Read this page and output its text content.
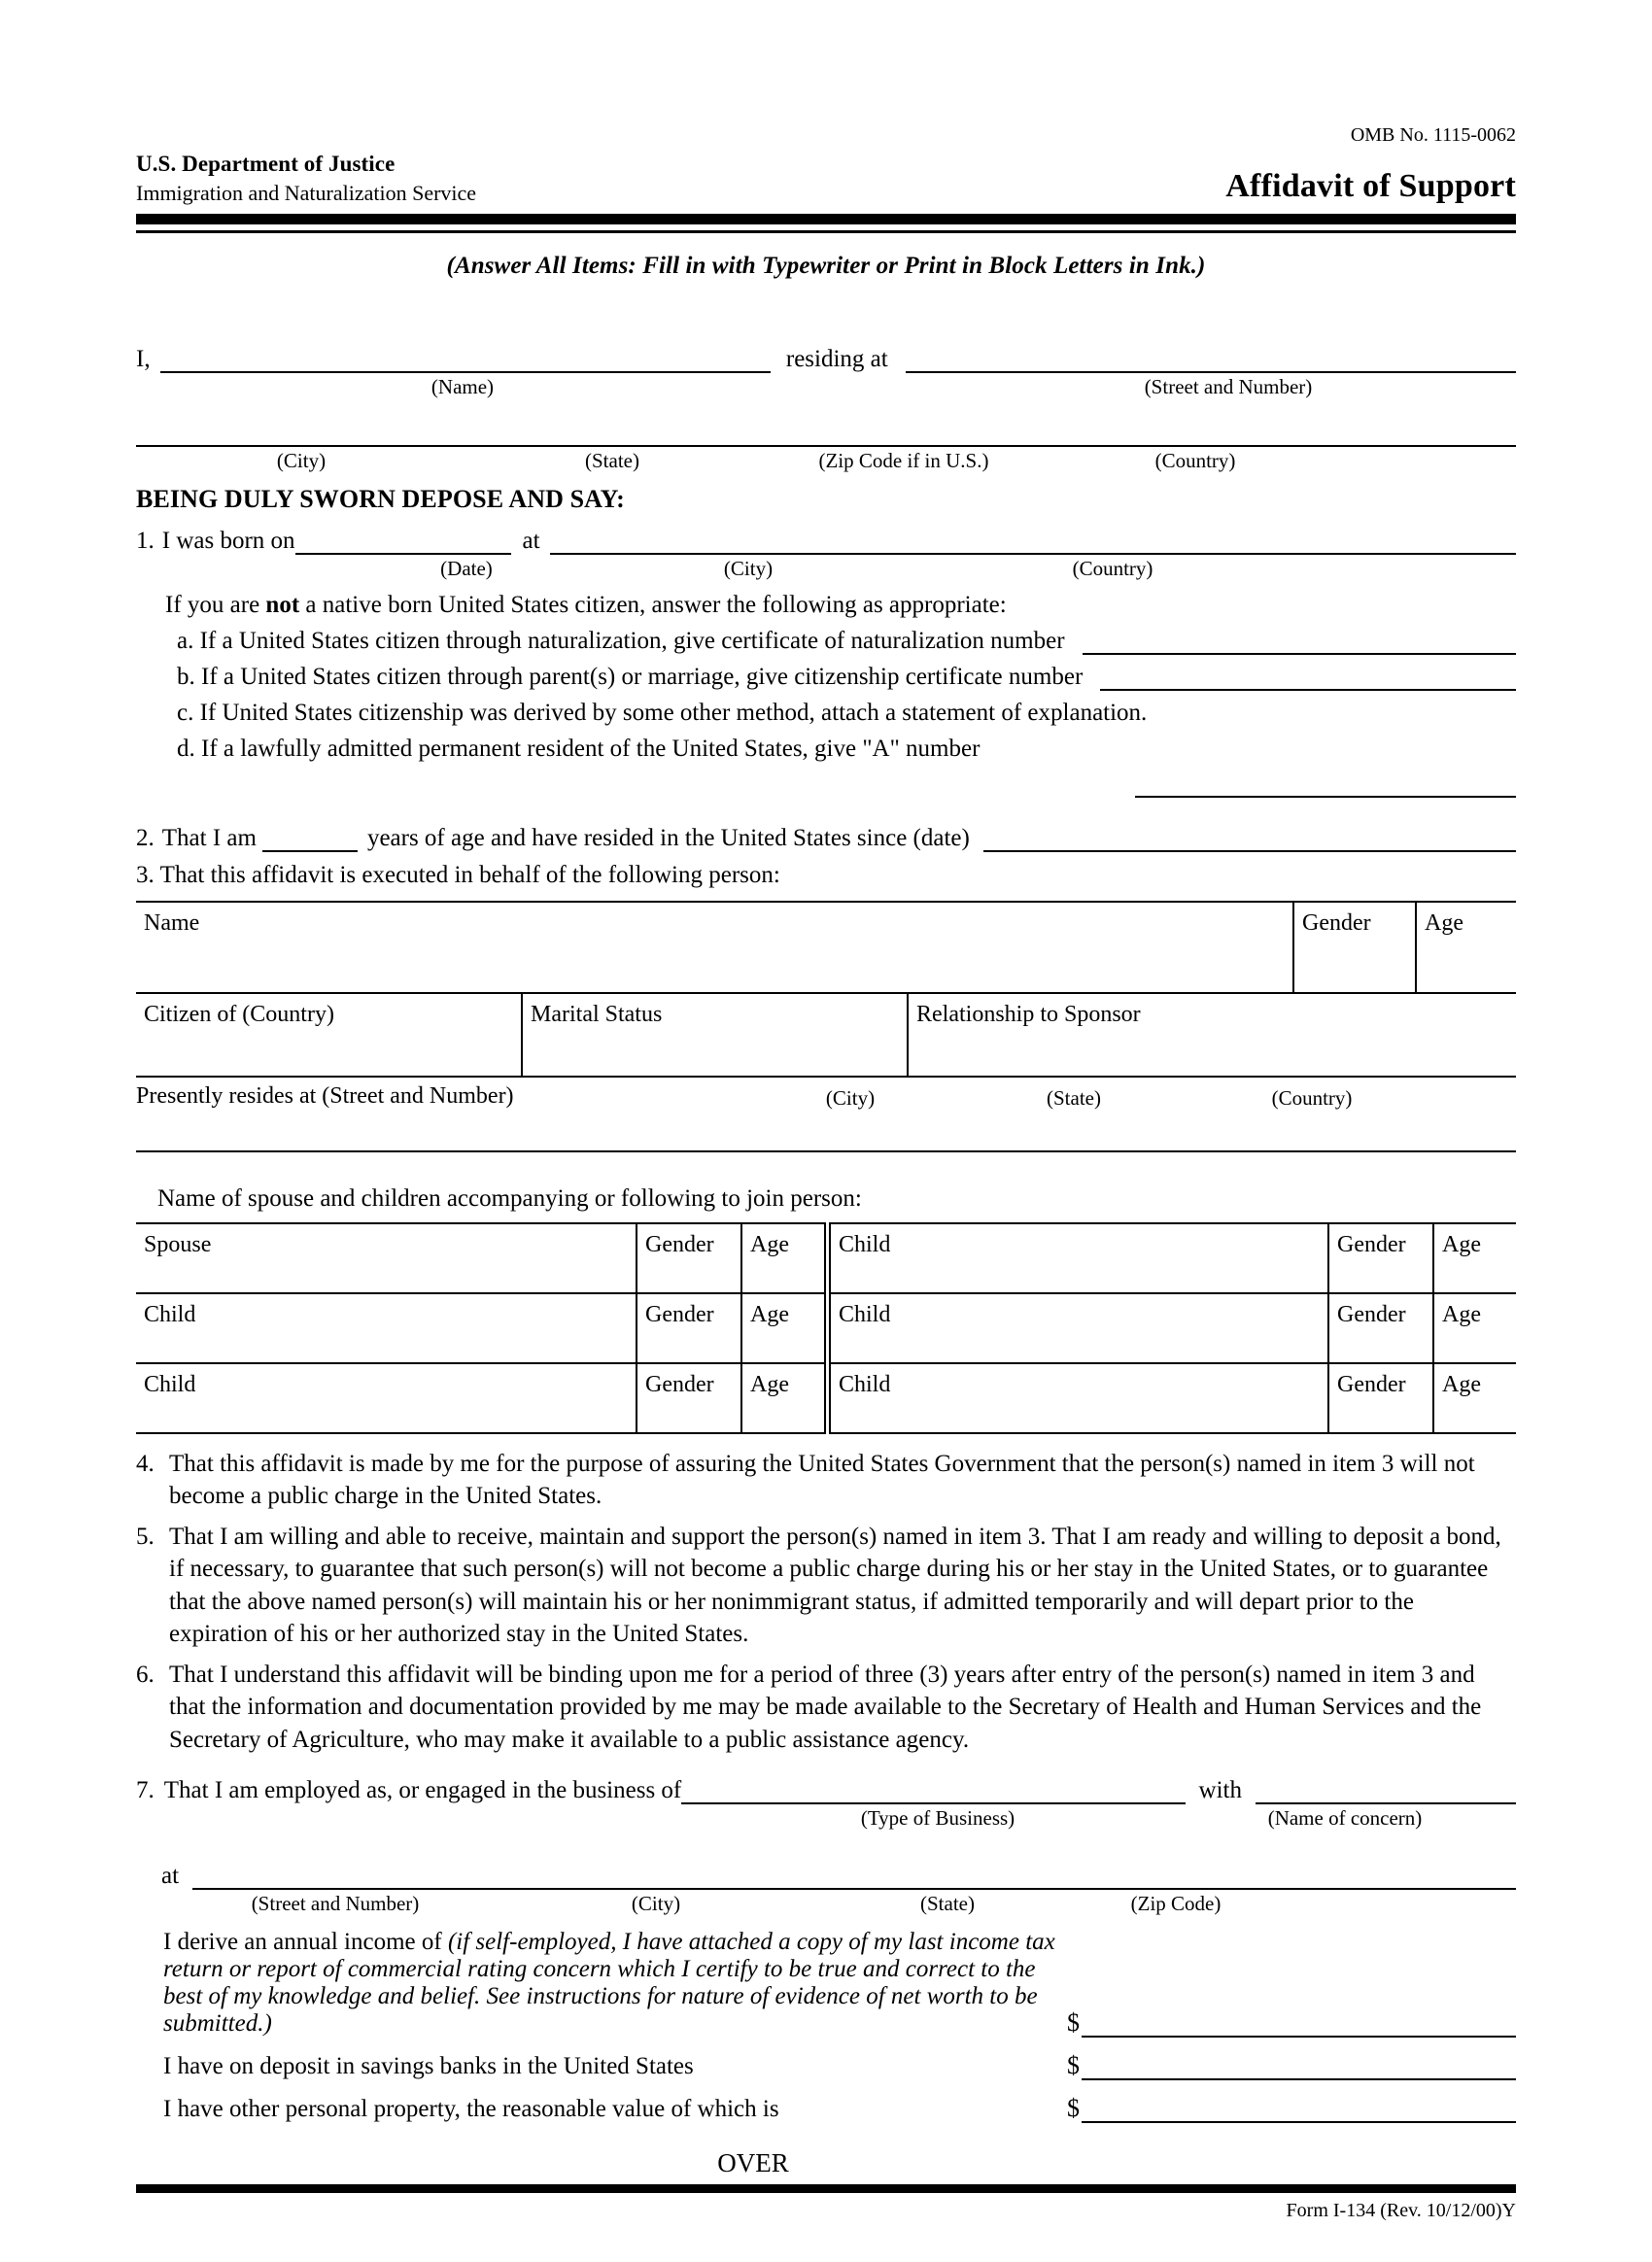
OMB No. 1115-0062
U.S. Department of Justice
Immigration and Naturalization Service	Affidavit of Support
(Answer All Items: Fill in with Typewriter or Print in Block Letters in Ink.)
I,	residing at
(Name)	(Street and Number)
(City)	(State)	(Zip Code if in U.S.)	(Country)
BEING DULY SWORN DEPOSE AND SAY:
1. I was born on	at
(Date)	(City)	(Country)
If you are not a native born United States citizen, answer the following as appropriate:
a. If a United States citizen through naturalization, give certificate of naturalization number
b. If a United States citizen through parent(s) or marriage, give citizenship certificate number
c. If United States citizenship was derived by some other method, attach a statement of explanation.
d. If a lawfully admitted permanent resident of the United States, give "A" number
2. That I am	years of age and have resided in the United States since (date)
3. That this affidavit is executed in behalf of the following person:
Name			Gender	Age
Citizen of (Country)	Marital Status	Relationship to Sponsor		
Presently resides at (Street and Number)	(City)	(State)	(Country)
Name of spouse and children accompanying or following to join person:
Spouse	Gender	Age	Child	Gender	Age
Child	Gender	Age	Child	Gender	Age
Child	Gender	Age	Child	Gender	Age
4. That this affidavit is made by me for the purpose of assuring the United States Government that the person(s) named in item 3 will not become a public charge in the United States.
5. That I am willing and able to receive, maintain and support the person(s) named in item 3. That I am ready and willing to deposit a bond, if necessary, to guarantee that such person(s) will not become a public charge during his or her stay in the United States, or to guarantee that the above named person(s) will maintain his or her nonimmigrant status, if admitted temporarily and will depart prior to the expiration of his or her authorized stay in the United States.
6. That I understand this affidavit will be binding upon me for a period of three (3) years after entry of the person(s) named in item 3 and that the information and documentation provided by me may be made available to the Secretary of Health and Human Services and the Secretary of Agriculture, who may make it available to a public assistance agency.
7. That I am employed as, or engaged in the business of	with
(Type of Business)	(Name of concern)
at
(Street and Number)	(City)	(State)	(Zip Code)
I derive an annual income of (if self-employed, I have attached a copy of my last income tax return or report of commercial rating concern which I certify to be true and correct to the best of my knowledge and belief. See instructions for nature of evidence of net worth to be submitted.)	$
I have on deposit in savings banks in the United States	$
I have other personal property, the reasonable value of which is	$
OVER
Form I-134 (Rev. 10/12/00)Y
